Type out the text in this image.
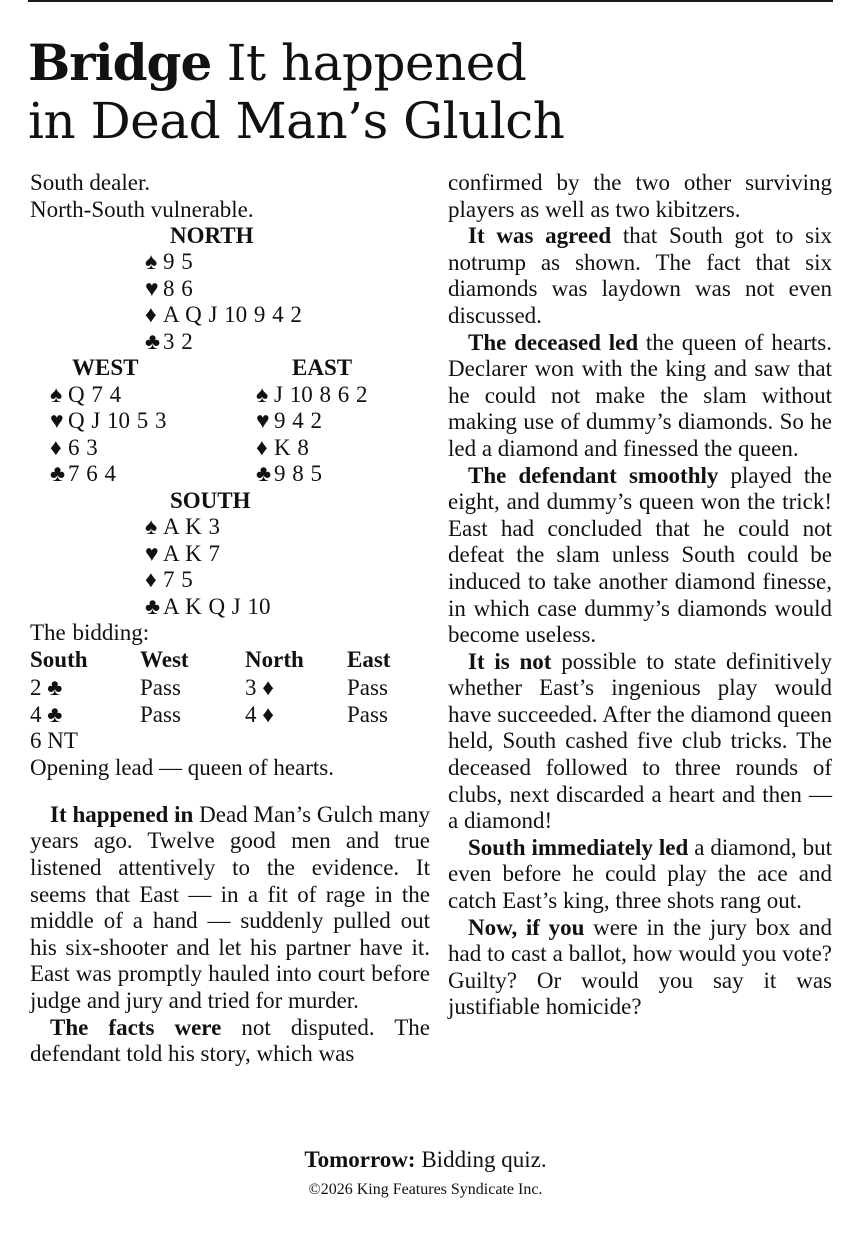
Bridge It happened
in Dead Man’s Glulch
South dealer.
North-South vulnerable.
NORTH
♠ 9 5
♥ 8 6
♦ A Q J 10 9 4 2
♣ 3 2
WEST	EAST
♠ Q 7 4
♥ Q J 10 5 3
♦ 6 3
♣ 7 6 4
♠ J 10 8 6 2
♥ 9 4 2
♦ K 8
♣ 9 8 5
SOUTH
♠ A K 3
♥ A K 7
♦ 7 5
♣ A K Q J 10
The bidding:
South West North East
2 ♣	Pass	3 ♦	Pass
4 ♣	Pass	4 ♦	Pass
6 NT
Opening lead — queen of hearts.

It happened in Dead Man’s Gulch many years ago. Twelve good men and true listened attentively to the evidence. It seems that East — in a fit of rage in the middle of a hand — suddenly pulled out his six-shooter and let his partner have it. East was promptly hauled into court before judge and jury and tried for murder.

The facts were not disputed. The defendant told his story, which was

confirmed by the two other surviving players as well as two kibitzers.

It was agreed that South got to six notrump as shown. The fact that six diamonds was laydown was not even discussed.

The deceased led the queen of hearts. Declarer won with the king and saw that he could not make the slam without making use of dummy’s diamonds. So he led a diamond and finessed the queen.

The defendant smoothly played the eight, and dummy’s queen won the trick! East had concluded that he could not defeat the slam unless South could be induced to take another diamond finesse, in which case dummy’s diamonds would become useless.

It is not possible to state definitively whether East’s ingenious play would have succeeded. After the diamond queen held, South cashed five club tricks. The deceased followed to three rounds of clubs, next discarded a heart and then — a diamond!

South immediately led a diamond, but even before he could play the ace and catch East’s king, three shots rang out.

Now, if you were in the jury box and had to cast a ballot, how would you vote? Guilty? Or would you say it was justifiable homicide?

Tomorrow: Bidding quiz.
©2026 King Features Syndicate Inc.
